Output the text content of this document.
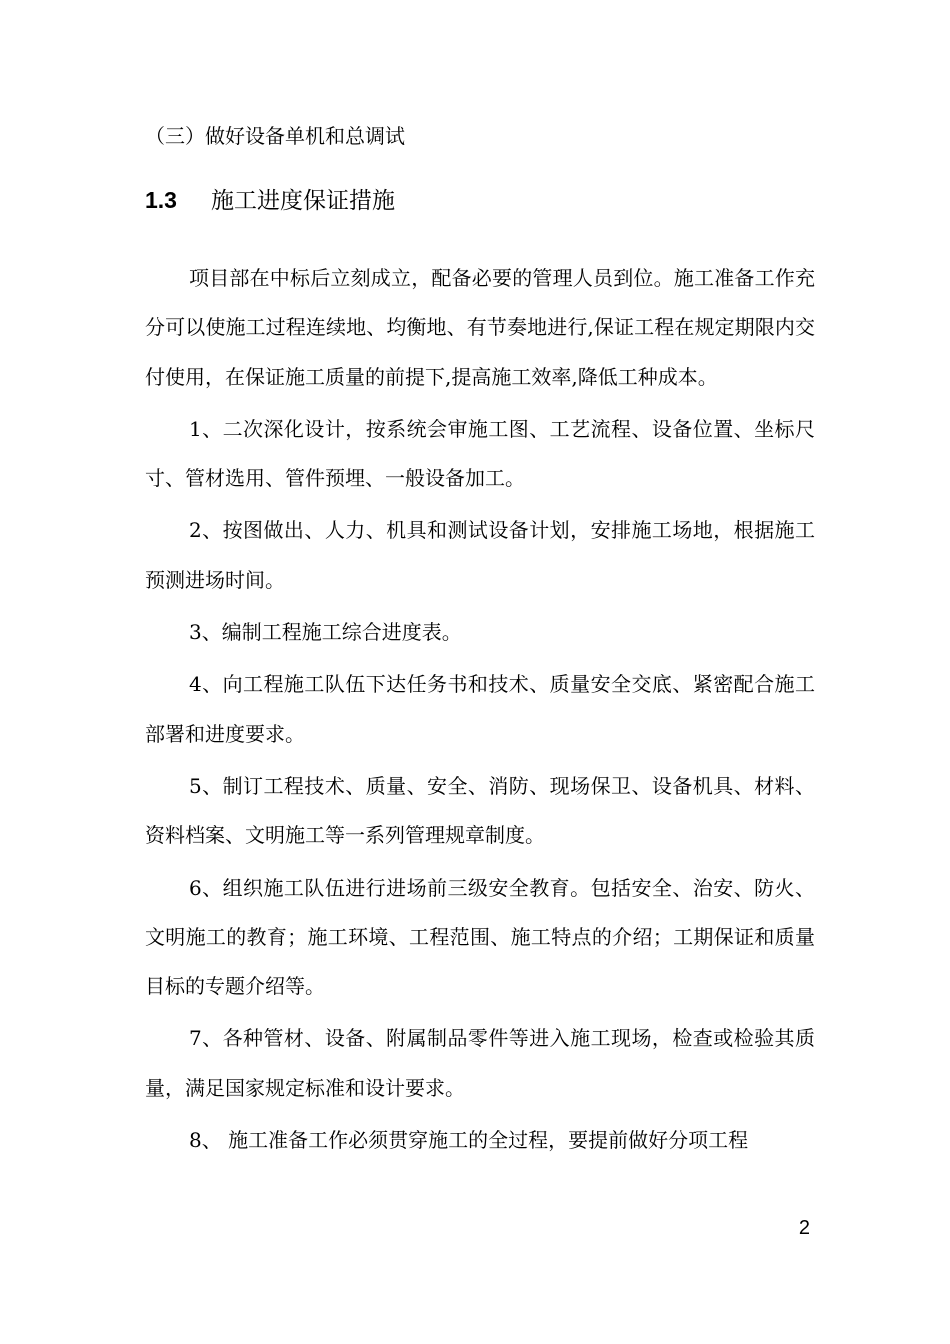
（三）做好设备单机和总调试
1.3 施工进度保证措施

项目部在中标后立刻成立，配备必要的管理人员到位。施工准备工作充分可以使施工过程连续地、均衡地、有节奏地进行,保证工程在规定期限内交付使用，在保证施工质量的前提下,提高施工效率,降低工种成本。

1、二次深化设计，按系统会审施工图、工艺流程、设备位置、坐标尺寸、管材选用、管件预埋、一般设备加工。

2、按图做出、人力、机具和测试设备计划，安排施工场地，根据施工预测进场时间。

3、编制工程施工综合进度表。

4、向工程施工队伍下达任务书和技术、质量安全交底、紧密配合施工部署和进度要求。

5、制订工程技术、质量、安全、消防、现场保卫、设备机具、材料、资料档案、文明施工等一系列管理规章制度。

6、组织施工队伍进行进场前三级安全教育。包括安全、治安、防火、文明施工的教育；施工环境、工程范围、施工特点的介绍；工期保证和质量目标的专题介绍等。

7、各种管材、设备、附属制品零件等进入施工现场，检查或检验其质量，满足国家规定标准和设计要求。

8、 施工准备工作必须贯穿施工的全过程，要提前做好分项工程

2
